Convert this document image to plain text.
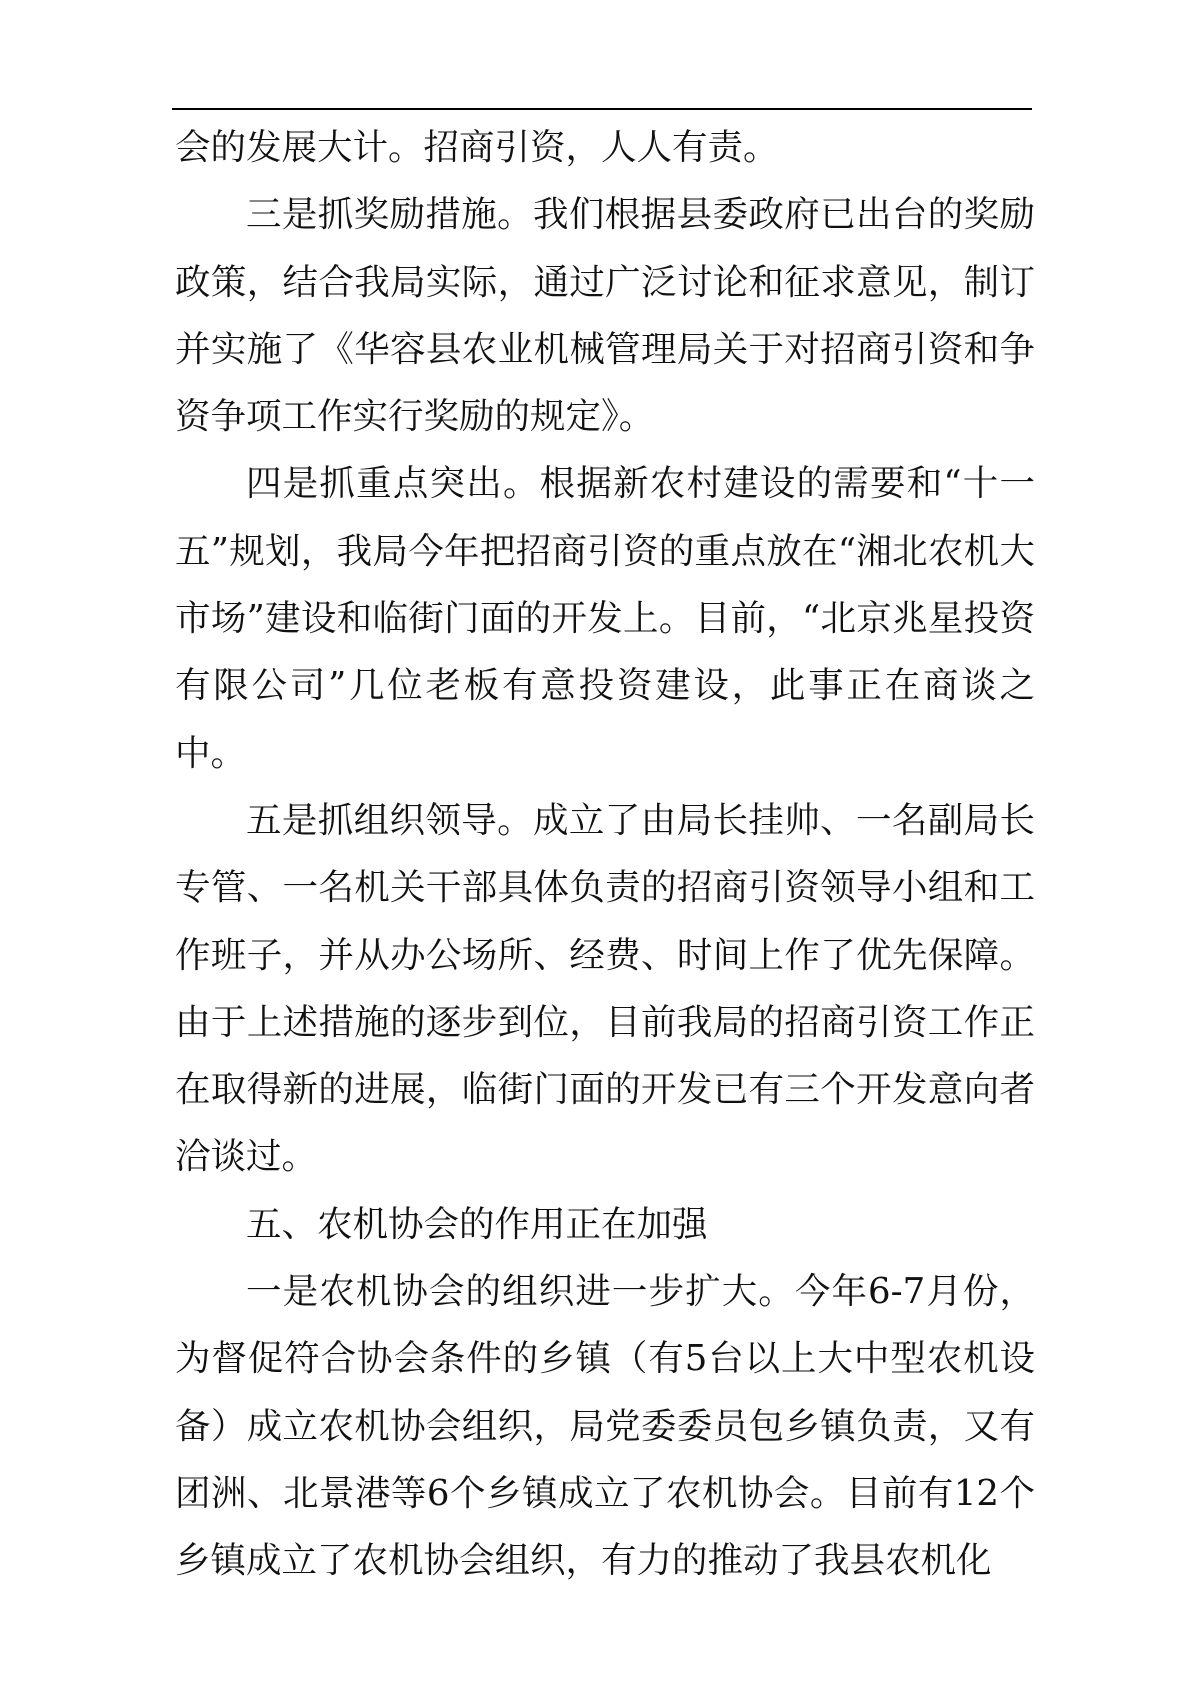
会的发展大计。招商引资，人人有责。

三是抓奖励措施。我们根据县委政府已出台的奖励政策，结合我局实际，通过广泛讨论和征求意见，制订并实施了《华容县农业机械管理局关于对招商引资和争资争项工作实行奖励的规定》。

四是抓重点突出。根据新农村建设的需要和“十一五”规划，我局今年把招商引资的重点放在“湘北农机大市场”建设和临街门面的开发上。目前，“北京兆星投资有限公司”几位老板有意投资建设，此事正在商谈之中。

五是抓组织领导。成立了由局长挂帅、一名副局长专管、一名机关干部具体负责的招商引资领导小组和工作班子，并从办公场所、经费、时间上作了优先保障。由于上述措施的逐步到位，目前我局的招商引资工作正在取得新的进展，临街门面的开发已有三个开发意向者洽谈过。

五、农机协会的作用正在加强

一是农机协会的组织进一步扩大。今年6-7月份，为督促符合协会条件的乡镇（有5台以上大中型农机设备）成立农机协会组织，局党委委员包乡镇负责，又有团洲、北景港等6个乡镇成立了农机协会。目前有12个乡镇成立了农机协会组织，有力的推动了我县农机化
